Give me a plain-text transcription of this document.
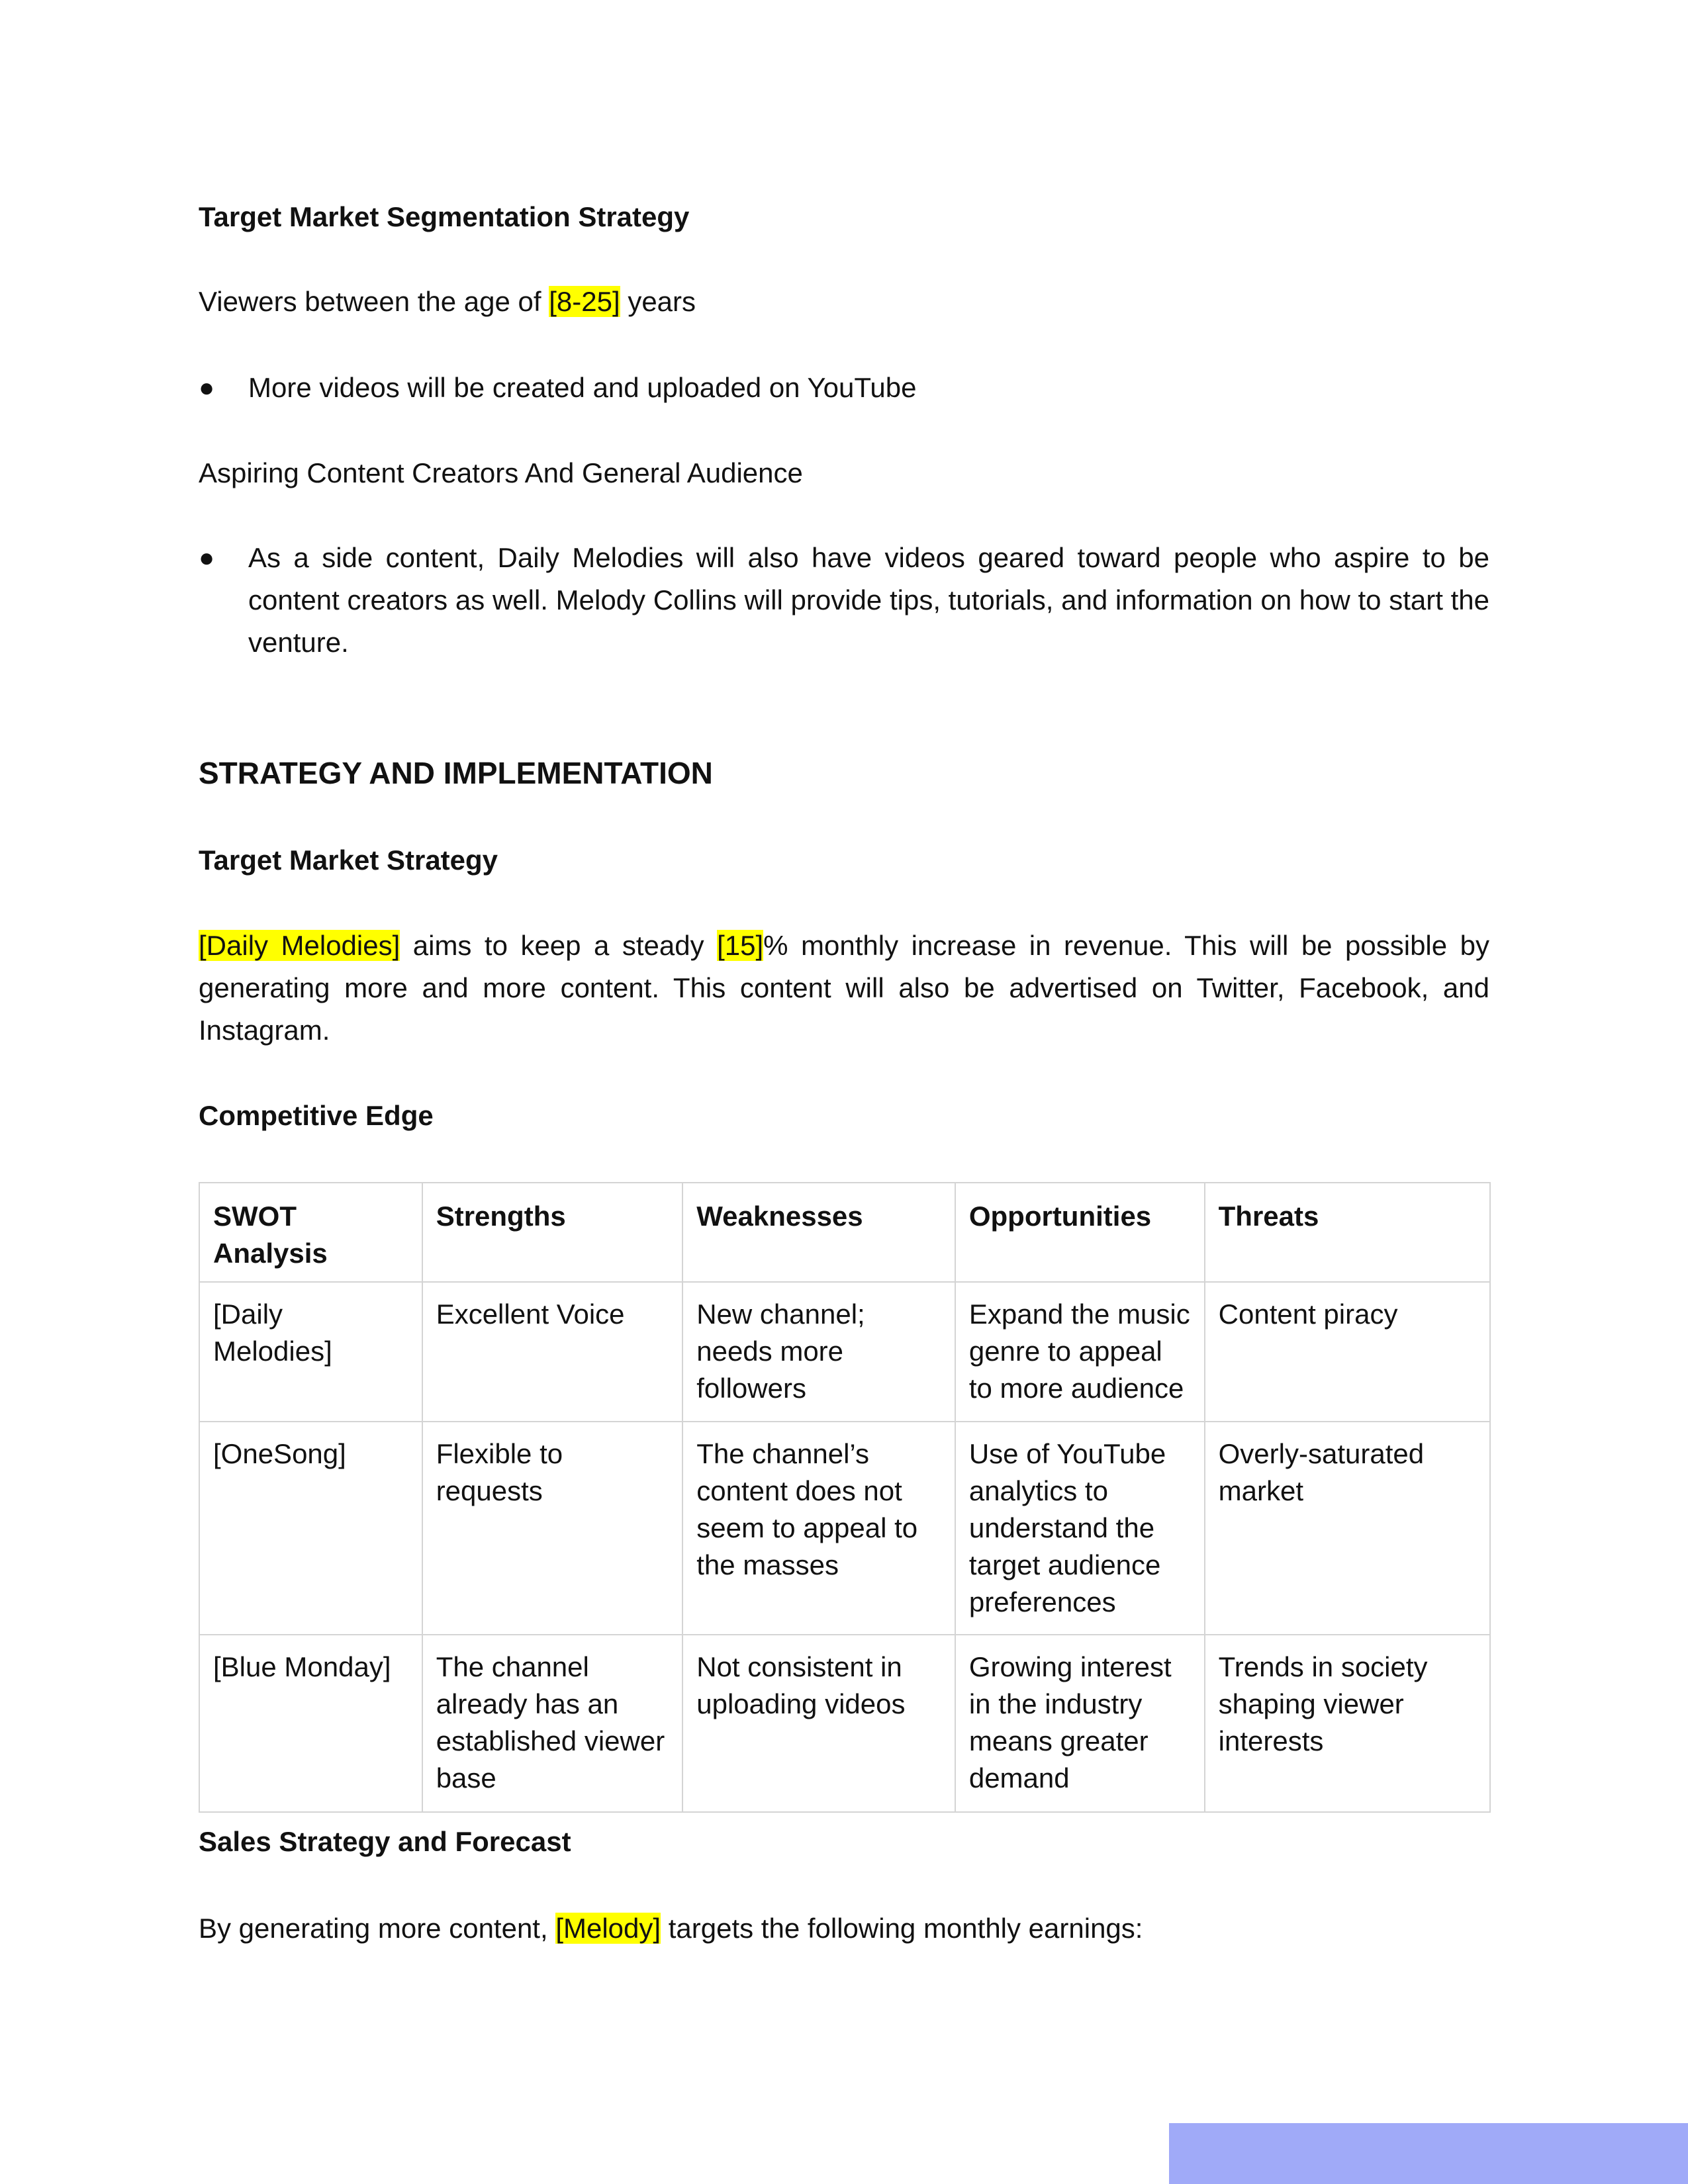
Target Market Segmentation Strategy
Viewers between the age of [8-25] years
●	More videos will be created and uploaded on YouTube
Aspiring Content Creators And General Audience
●	As a side content, Daily Melodies will also have videos geared toward people who aspire to be content creators as well. Melody Collins will provide tips, tutorials, and information on how to start the venture.
STRATEGY AND IMPLEMENTATION
Target Market Strategy
[Daily Melodies] aims to keep a steady [15]% monthly increase in revenue. This will be possible by generating more and more content. This content will also be advertised on Twitter, Facebook, and Instagram.
Competitive Edge
SWOT Analysis	Strengths	Weaknesses	Opportunities	Threats
[Daily Melodies]	Excellent Voice	New channel; needs more followers	Expand the music genre to appeal to more audience	Content piracy
[OneSong]	Flexible to requests	The channel’s content does not seem to appeal to the masses	Use of YouTube analytics to understand the target audience preferences	Overly-saturated market
[Blue Monday]	The channel already has an established viewer base	Not consistent in uploading videos	Growing interest in the industry means greater demand	Trends in society shaping viewer interests
Sales Strategy and Forecast
By generating more content, [Melody] targets the following monthly earnings:
